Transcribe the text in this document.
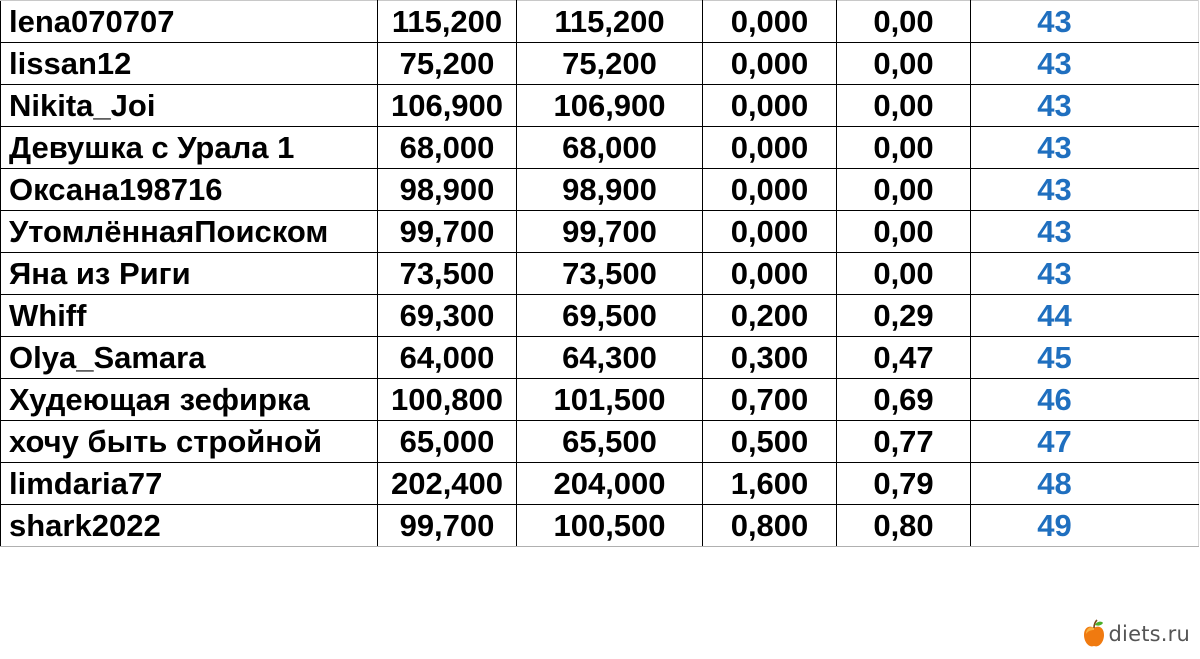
lena070707	115,200	115,200	0,000	0,00	43
lissan12	75,200	75,200	0,000	0,00	43
Nikita_Joi	106,900	106,900	0,000	0,00	43
Девушка с Урала 1	68,000	68,000	0,000	0,00	43
Оксана198716	98,900	98,900	0,000	0,00	43
УтомлённаяПоиском	99,700	99,700	0,000	0,00	43
Яна из Риги	73,500	73,500	0,000	0,00	43
Whiff	69,300	69,500	0,200	0,29	44
Olya_Samara	64,000	64,300	0,300	0,47	45
Худеющая зефирка	100,800	101,500	0,700	0,69	46
хочу быть стройной	65,000	65,500	0,500	0,77	47
limdaria77	202,400	204,000	1,600	0,79	48
shark2022	99,700	100,500	0,800	0,80	49
diets.ru
